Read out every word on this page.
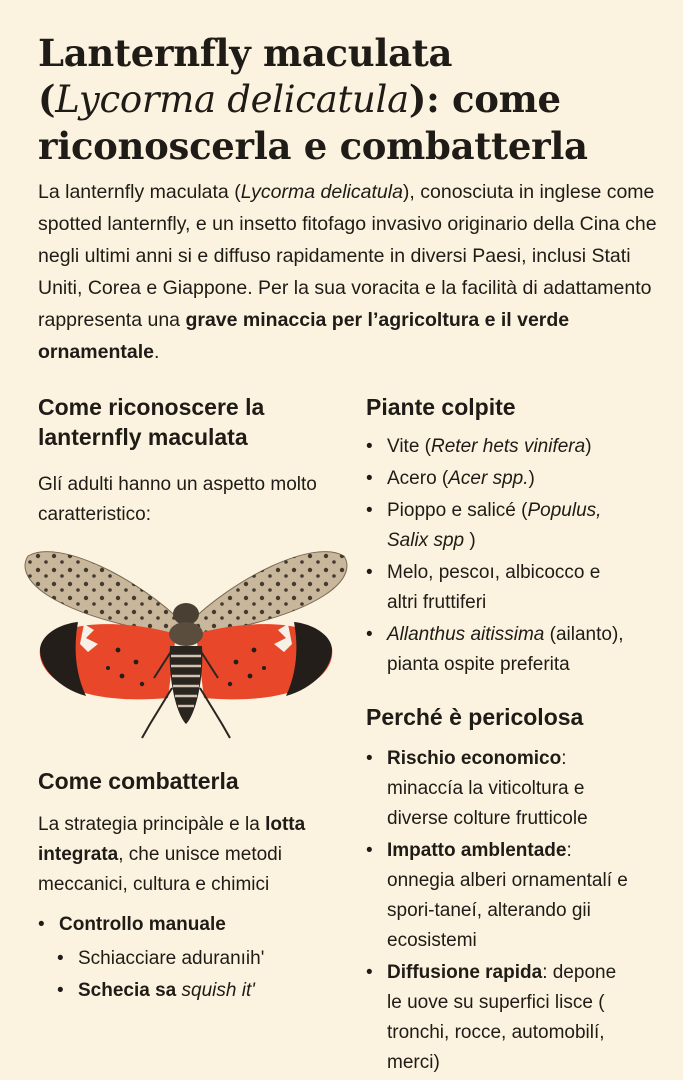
Lanternfly maculata
(Lycorma delicatula): come riconoscerla e combatterla

La lanternfly maculata (Lycorma delicatula), conosciuta in inglese come spotted lanternfly, e un insetto fitofago invasivo originario della Cina che negli ultimi anni si e diffuso rapidamente in diversi Paesi, inclusi Stati Uniti, Corea e Giappone. Per la sua voracita e la facilità di adattamento rappresenta una grave minaccia per l’agricoltura e il verde ornamentale.

Come riconoscere la lanternfly maculata

Glí adulti hanno un aspetto molto caratteristico:

Come combatterla

La strategia principàle e la lotta integrata, che unisce metodi meccanici, cultura e chimici

• Controllo manuale
• Schiacciare aduranıih'
• Schecia sa squish it'
Piante colpite
• Vite (Reter hets vinifera)
• Acero (Acer spp.)
• Pioppo e salicé (Populus, Salix spp )
• Melo, pescoı, albicocco e altri fruttiferi
• Allanthus aitissima (ailanto), pianta ospite preferita
Perché è pericolosa
• Rischio economico: minaccía la viticoltura e diverse colture frutticole
• Impatto amblentade: onnegia alberi ornamentalí e spori-taneí, alterando gii ecosistemi
• Diffusione rapida: depone le uove su superfici lisce ( tronchi, rocce, automobilí, merci)
